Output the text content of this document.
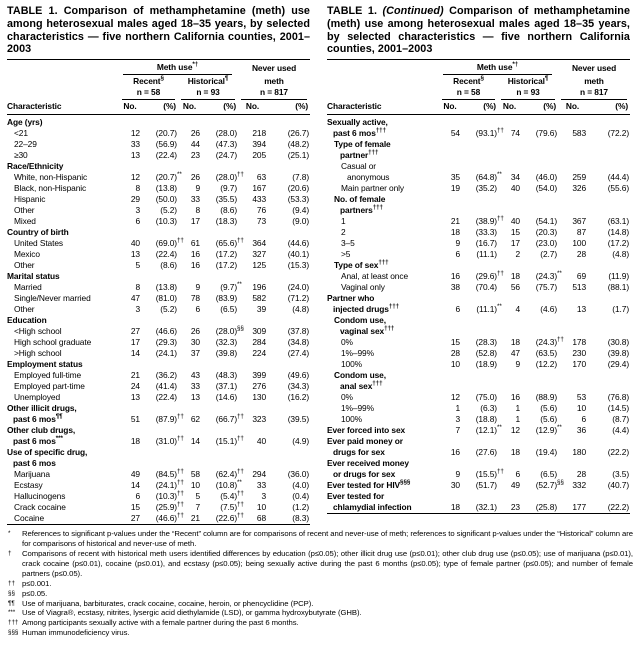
TABLE 1. Comparison of methamphetamine (meth) use among heterosexual males aged 18–35 years, by selected characteristics — five northern California counties, 2001–2003

	Meth use*†				Never used	

Recent§
n = 58

Historical¶
n = 93

meth
n = 817

Characteristic	No.	(%)	No.	(%)	No.	(%)

Age (yrs)						

<21	12	(20.7)	26	(28.0)	218	(26.7)

22–29	33	(56.9)	44	(47.3)	394	(48.2)

≥30	13	(22.4)	23	(24.7)	205	(25.1)

Race/Ethnicity						

White, non-Hispanic	12	(20.7)**	26	(28.0)††	63	(7.8)

Black, non-Hispanic	8	(13.8)	9	(9.7)	167	(20.6)

Hispanic	29	(50.0)	33	(35.5)	433	(53.3)

Other	3	(5.2)	8	(8.6)	76	(9.4)

Mixed	6	(10.3)	17	(18.3)	73	(9.0)

Country of birth						

United States	40	(69.0)††	61	(65.6)††	364	(44.6)

Mexico	13	(22.4)	16	(17.2)	327	(40.1)

Other	5	(8.6)	16	(17.2)	125	(15.3)

Marital status						

Married	8	(13.8)	9	(9.7)**	196	(24.0)

Single/Never married	47	(81.0)	78	(83.9)	582	(71.2)

Other	3	(5.2)	6	(6.5)	39	(4.8)

Education						

<High school	27	(46.6)	26	(28.0)§§	309	(37.8)

High school graduate	17	(29.3)	30	(32.3)	284	(34.8)

>High school	14	(24.1)	37	(39.8)	224	(27.4)

Employment status						

Employed full-time	21	(36.2)	43	(48.3)	399	(49.6)

Employed part-time	24	(41.4)	33	(37.1)	276	(34.3)

Unemployed	13	(22.4)	13	(14.6)	130	(16.2)

Other illicit drugs,
past 6 mos¶¶	51	(87.9)††	62	(66.7)††	323	(39.5)

Other club drugs,
past 6 mos***	18	(31.0)††	14	(15.1)††	40	(4.9)

Use of specific drug,
past 6 mos						

Marijuana	49	(84.5)††	58	(62.4)††	294	(36.0)

Ecstasy	14	(24.1)††	10	(10.8)**	33	(4.0)

Hallucinogens	6	(10.3)††	5	(5.4)††	3	(0.4)

Crack cocaine	15	(25.9)††	7	(7.5)††	10	(1.2)

Cocaine	27	(46.6)††	21	(22.6)††	68	(8.3)
TABLE 1. (Continued) Comparison of methamphetamine (meth) use among heterosexual males aged 18–35 years, by selected characteristics — five northern California counties, 2001–2003

	Meth use*†				Never used	

Recent§
n = 58

Historical¶
n = 93

meth
n = 817

Characteristic	No.	(%)	No.	(%)	No.	(%)

Sexually active,
past 6 mos†††	54	(93.1)††	74	(79.6)	583	(72.2)

Type of female
partner†††

Casual or
anonymous	35	(64.8)**	34	(46.0)	259	(44.4)

Main partner only	19	(35.2)	40	(54.0)	326	(55.6)

No. of female
partners†††

1	21	(38.9)††	40	(54.1)	367	(63.1)

2	18	(33.3)	15	(20.3)	87	(14.8)

3–5	9	(16.7)	17	(23.0)	100	(17.2)

>5	6	(11.1)	2	(2.7)	28	(4.8)

Type of sex†††

Anal, at least once	16	(29.6)††	18	(24.3)**	69	(11.9)

Vaginal only	38	(70.4)	56	(75.7)	513	(88.1)

Partner who
injected drugs†††	6	(11.1)**	4	(4.6)	13	(1.7)

Condom use,
vaginal sex†††

0%	15	(28.3)	18	(24.3)††	178	(30.8)

1%–99%	28	(52.8)	47	(63.5)	230	(39.8)

100%	10	(18.9)	9	(12.2)	170	(29.4)

Condom use,
anal sex†††

0%	12	(75.0)	16	(88.9)	53	(76.8)

1%–99%	1	(6.3)	1	(5.6)	10	(14.5)

100%	3	(18.8)	1	(5.6)	6	(8.7)

Ever forced into sex	7	(12.1)**	12	(12.9)**	36	(4.4)

Ever paid money or
drugs for sex	16	(27.6)	18	(19.4)	180	(22.2)

Ever received money
or drugs for sex	9	(15.5)††	6	(6.5)	28	(3.5)

Ever tested for HIV§§§	30	(51.7)	49	(52.7)§§	332	(40.7)

Ever tested for
chlamydial infection	18	(32.1)	23	(25.8)	177	(22.2)
*	References to significant p-values under the “Recent” column are for comparisons of recent and never-use of meth; references to significant p-values under the “Historical” column are for comparisons of historical and never-use of meth.
†	Comparisons of recent with historical meth users identified differences by education (p≤0.05); other illicit drug use (p≤0.01); other club drug use (p≤0.05); use of marijuana (p≤0.01), crack cocaine (p≤0.01), cocaine (p≤0.01), and ecstasy (p≤0.05); being sexually active during the past 6 months (p≤0.05); type of female partner (p≤0.05); and number of female partners (p≤0.05).
†† p≤0.001.
§§ p≤0.05.
¶¶ Use of marijuana, barbiturates, crack cocaine, cocaine, heroin, or phencyclidine (PCP).
*** Use of Viagra®, ecstasy, nitrites, lysergic acid diethylamide (LSD), or gamma hydroxybutyrate (GHB).
††† Among participants sexually active with a female partner during the past 6 months.
§§§ Human immunodeficiency virus.
